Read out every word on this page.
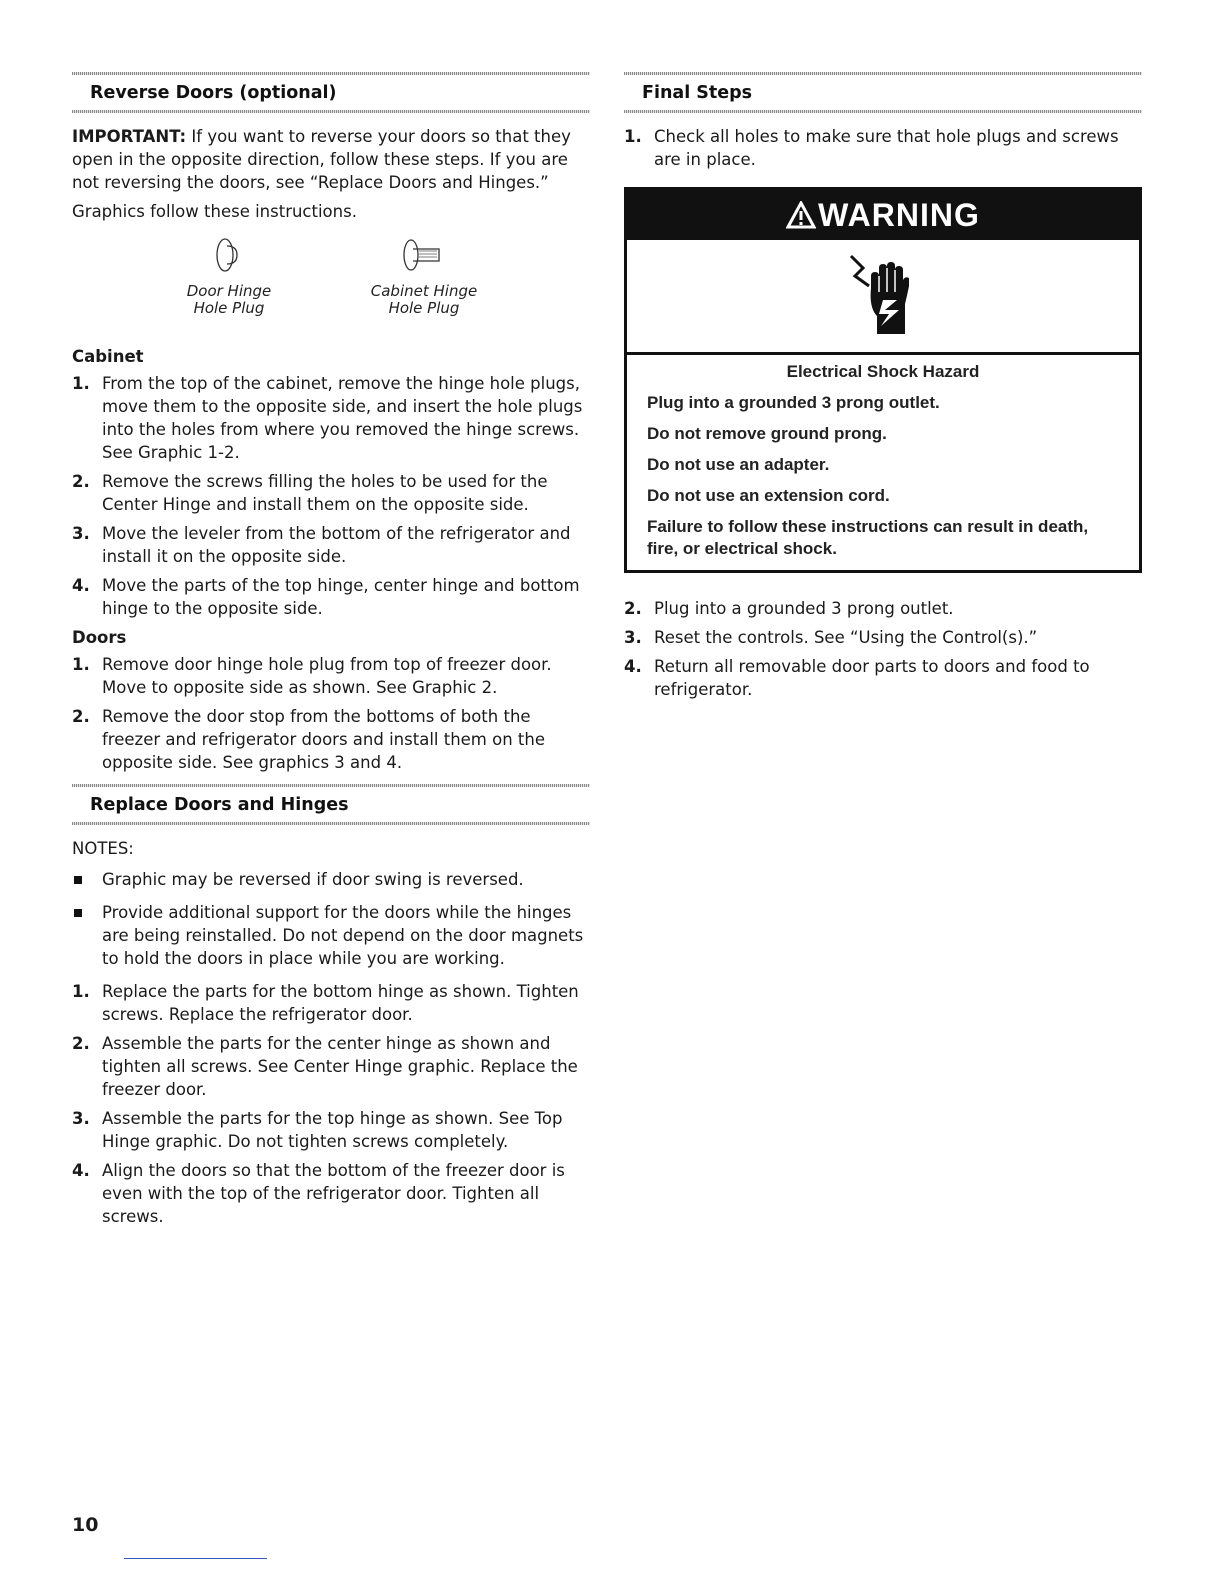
Reverse Doors (optional)

IMPORTANT: If you want to reverse your doors so that they open in the opposite direction, follow these steps. If you are not reversing the doors, see “Replace Doors and Hinges.”

Graphics follow these instructions.

Door Hinge
Hole Plug
Cabinet Hinge
Hole Plug
Cabinet
1. From the top of the cabinet, remove the hinge hole plugs, move them to the opposite side, and insert the hole plugs into the holes from where you removed the hinge screws. See Graphic 1-2.
2. Remove the screws filling the holes to be used for the Center Hinge and install them on the opposite side.
3. Move the leveler from the bottom of the refrigerator and install it on the opposite side.
4. Move the parts of the top hinge, center hinge and bottom hinge to the opposite side.
Doors
1. Remove door hinge hole plug from top of freezer door. Move to opposite side as shown. See Graphic 2.
2. Remove the door stop from the bottoms of both the freezer and refrigerator doors and install them on the opposite side. See graphics 3 and 4.
Replace Doors and Hinges

NOTES:

Graphic may be reversed if door swing is reversed.
Provide additional support for the doors while the hinges are being reinstalled. Do not depend on the door magnets to hold the doors in place while you are working.
1. Replace the parts for the bottom hinge as shown. Tighten screws. Replace the refrigerator door.
2. Assemble the parts for the center hinge as shown and tighten all screws. See Center Hinge graphic. Replace the freezer door.
3. Assemble the parts for the top hinge as shown. See Top Hinge graphic. Do not tighten screws completely.
4. Align the doors so that the bottom of the freezer door is even with the top of the refrigerator door. Tighten all screws.
Final Steps
1. Check all holes to make sure that hole plugs and screws are in place.
WARNING
Electrical Shock Hazard
Plug into a grounded 3 prong outlet.
Do not remove ground prong.
Do not use an adapter.
Do not use an extension cord.
Failure to follow these instructions can result in death, fire, or electrical shock.
2. Plug into a grounded 3 prong outlet.
3. Reset the controls. See “Using the Control(s).”
4. Return all removable door parts to doors and food to refrigerator.
10
